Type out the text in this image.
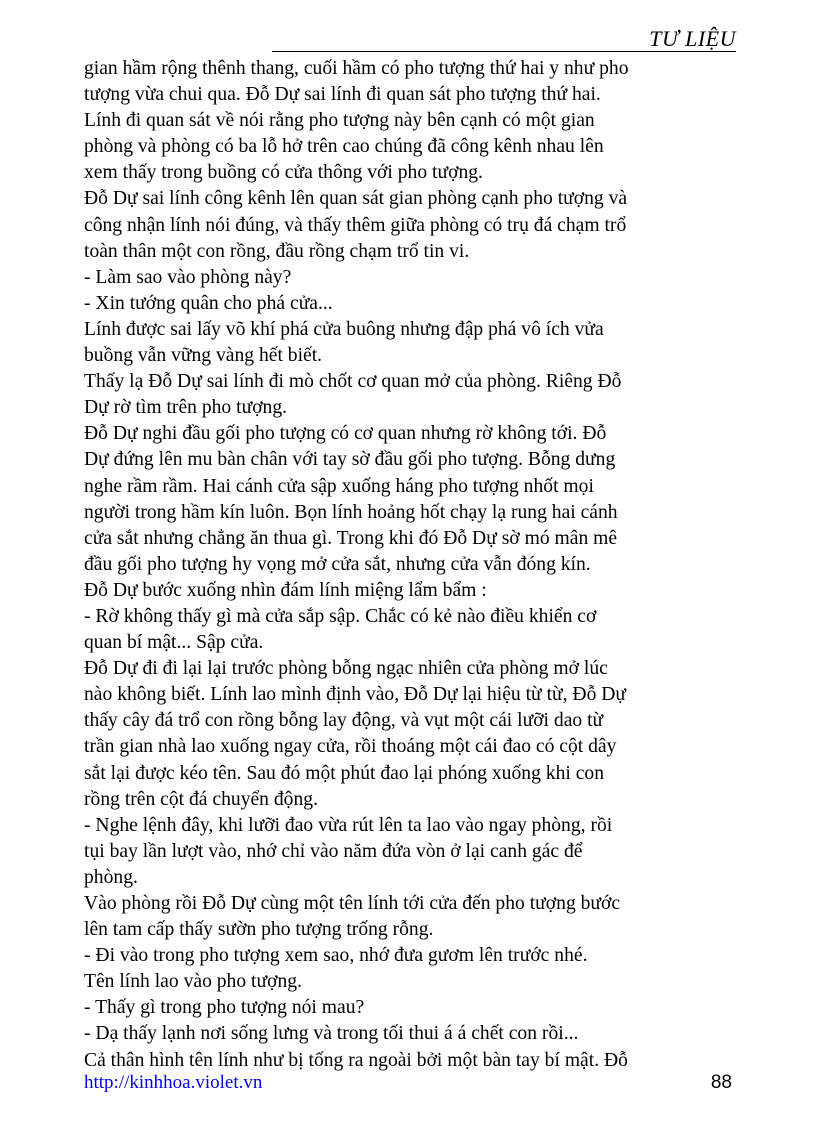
TƯ LIỆU

gian hầm rộng thênh thang, cuối hầm có pho tượng thứ hai y như pho

tượng vừa chui qua. Đỗ Dự sai lính đi quan sát pho tượng thứ hai.

Lính đi quan sát về nói rằng pho tượng này bên cạnh có một gian

phòng và phòng có ba lỗ hở trên cao chúng đã công kênh nhau lên

xem thấy trong buồng có cửa thông với pho tượng.

Đỗ Dự sai lính công kênh lên quan sát gian phòng cạnh pho tượng và

công nhận lính nói đúng, và thấy thêm giữa phòng có trụ đá chạm trổ

toàn thân một con rồng, đầu rồng chạm trổ tin vi.

- Làm sao vào phòng này?

- Xin tướng quân cho phá cửa...

Lính được sai lấy võ khí phá cửa buông nhưng đập phá vô ích vửa

buồng vẫn vững vàng hết biết.

Thấy lạ Đỗ Dự sai lính đi mò chốt cơ quan mở của phòng. Riêng Đỗ

Dự rờ tìm trên pho tượng.

Đỗ Dự nghi đầu gối pho tượng có cơ quan nhưng rờ không tới. Đỗ

Dự đứng lên mu bàn chân với tay sờ đầu gối pho tượng. Bỗng dưng

nghe rầm rầm. Hai cánh cửa sập xuống háng pho tượng nhốt mọi

người trong hầm kín luôn. Bọn lính hoảng hốt chạy lạ rung hai cánh

cửa sắt nhưng chẳng ăn thua gì. Trong khi đó Đỗ Dự sờ mó mân mê

đầu gối pho tượng hy vọng mở cửa sắt, nhưng cửa vẫn đóng kín.

Đỗ Dự bước xuống nhìn đám lính miệng lẩm bẩm :

- Rờ không thấy gì mà cửa sắp sập. Chắc có kẻ nào điều khiển cơ

quan bí mật... Sập cửa.

Đỗ Dự đi đi lại lại trước phòng bỗng ngạc nhiên cửa phòng mở lúc

nào không biết. Lính lao mình định vào, Đỗ Dự lại hiệu từ từ, Đỗ Dự

thấy cây đá trổ con rồng bỗng lay động, và vụt một cái lưỡi dao từ

trần gian nhà lao xuống ngay cửa, rồi thoáng một cái đao có cột dây

sắt lại được kéo tên. Sau đó một phút đao lại phóng xuống khi con

rồng trên cột đá chuyển động.

- Nghe lệnh đây, khi lưỡi đao vừa rút lên ta lao vào ngay phòng, rồi

tụi bay lần lượt vào, nhớ chỉ vào năm đứa vòn ở lại canh gác để

phòng.

Vào phòng rồi Đỗ Dự cùng một tên lính tới cửa đến pho tượng bước

lên tam cấp thấy sườn pho tượng trống rỗng.

- Đi vào trong pho tượng xem sao, nhớ đưa gươm lên trước nhé.

Tên lính lao vào pho tượng.

- Thấy gì trong pho tượng nói mau?

- Dạ thấy lạnh nơi sống lưng và trong tối thui á á chết con rồi...

Cả thân hình tên lính như bị tống ra ngoài bởi một bàn tay bí mật. Đỗ

http://kinhhoa.violet.vn	88
